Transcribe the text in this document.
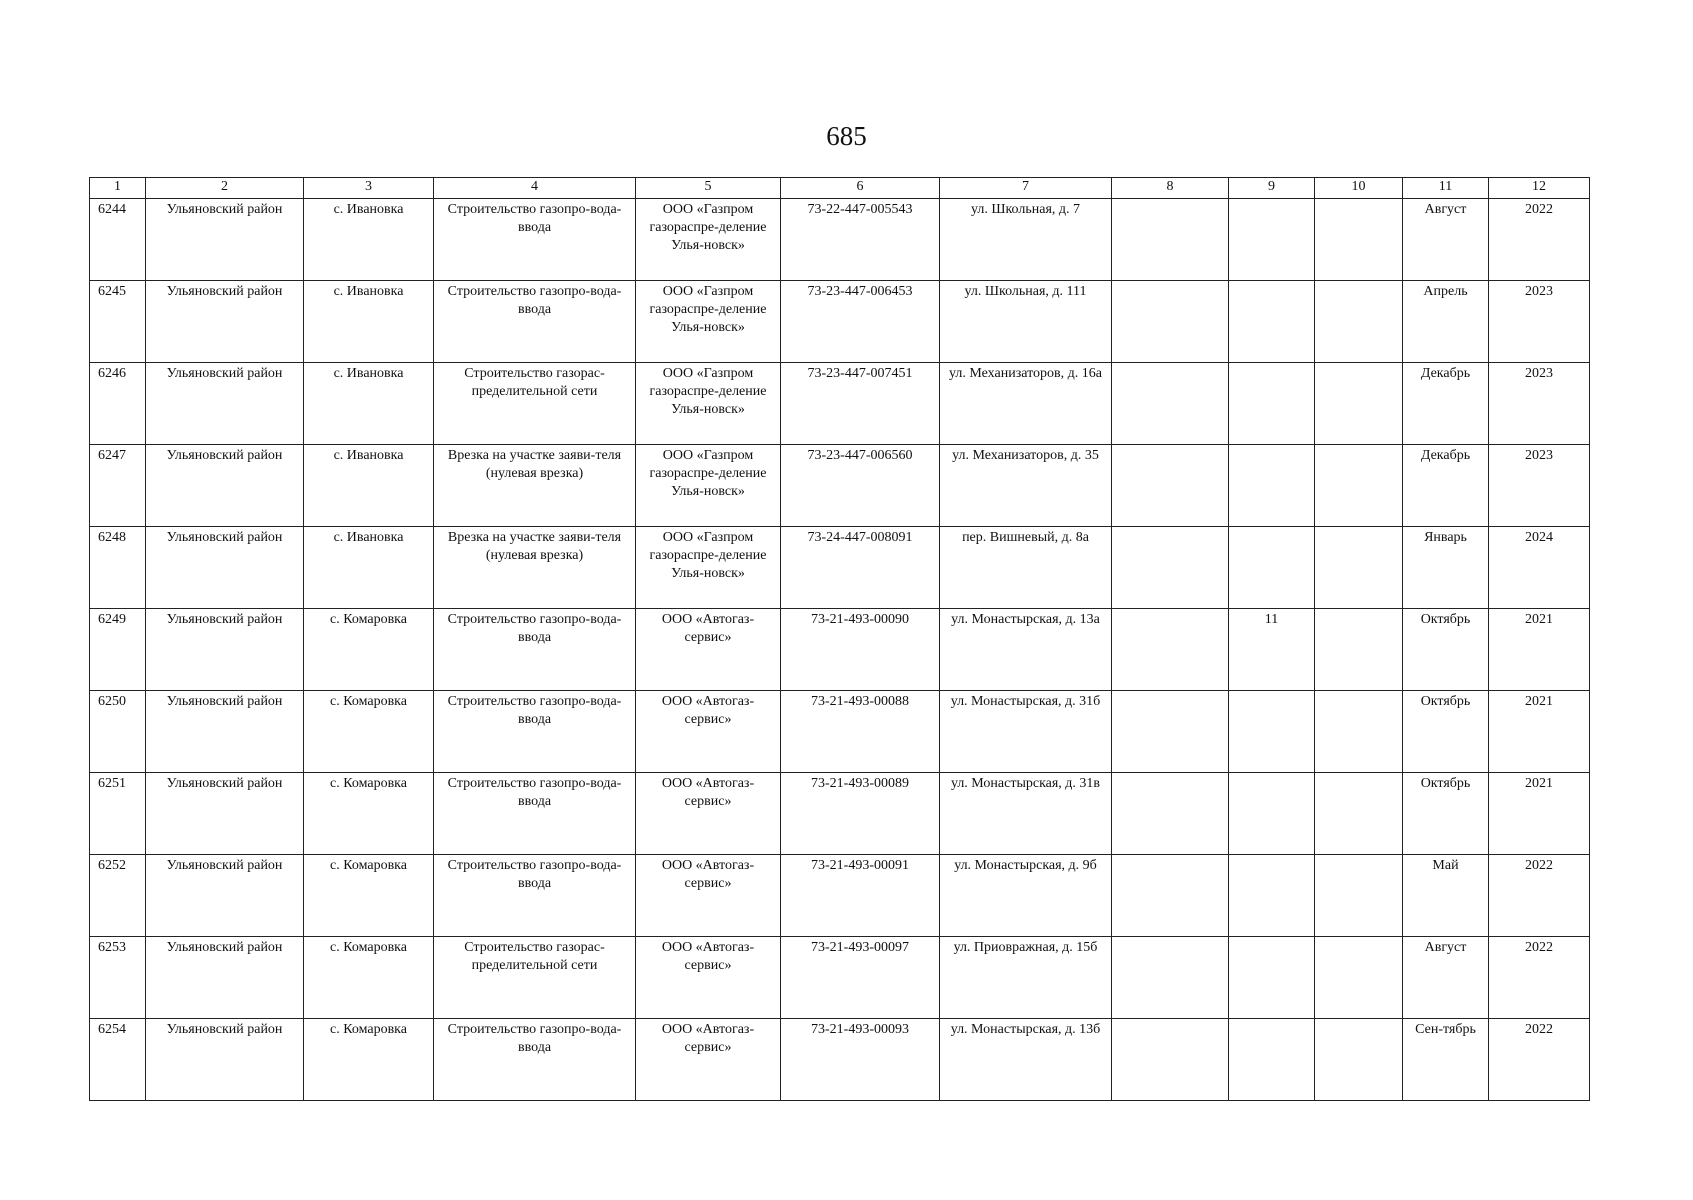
685
1	2	3	4	5	6	7	8	9	10	11	12
6244	Ульяновский район	с. Ивановка	Строительство газопро-вода-ввода	ООО «Газпром газораспре-деление Улья-новск»	73-22-447-005543	ул. Школьная, д. 7				Август	2022
6245	Ульяновский район	с. Ивановка	Строительство газопро-вода-ввода	ООО «Газпром газораспре-деление Улья-новск»	73-23-447-006453	ул. Школьная, д. 111				Апрель	2023
6246	Ульяновский район	с. Ивановка	Строительство газорас-пределительной сети	ООО «Газпром газораспре-деление Улья-новск»	73-23-447-007451	ул. Механизаторов, д. 16а				Декабрь	2023
6247	Ульяновский район	с. Ивановка	Врезка на участке заяви-теля (нулевая врезка)	ООО «Газпром газораспре-деление Улья-новск»	73-23-447-006560	ул. Механизаторов, д. 35				Декабрь	2023
6248	Ульяновский район	с. Ивановка	Врезка на участке заяви-теля (нулевая врезка)	ООО «Газпром газораспре-деление Улья-новск»	73-24-447-008091	пер. Вишневый, д. 8а				Январь	2024
6249	Ульяновский район	с. Комаровка	Строительство газопро-вода-ввода	ООО «Автогаз-сервис»	73-21-493-00090	ул. Монастырская, д. 13а		11		Октябрь	2021
6250	Ульяновский район	с. Комаровка	Строительство газопро-вода-ввода	ООО «Автогаз-сервис»	73-21-493-00088	ул. Монастырская, д. 31б				Октябрь	2021
6251	Ульяновский район	с. Комаровка	Строительство газопро-вода-ввода	ООО «Автогаз-сервис»	73-21-493-00089	ул. Монастырская, д. 31в				Октябрь	2021
6252	Ульяновский район	с. Комаровка	Строительство газопро-вода-ввода	ООО «Автогаз-сервис»	73-21-493-00091	ул. Монастырская, д. 9б				Май	2022
6253	Ульяновский район	с. Комаровка	Строительство газорас-пределительной сети	ООО «Автогаз-сервис»	73-21-493-00097	ул. Приовражная, д. 15б				Август	2022
6254	Ульяновский район	с. Комаровка	Строительство газопро-вода-ввода	ООО «Автогаз-сервис»	73-21-493-00093	ул. Монастырская, д. 13б				Сен-тябрь	2022
